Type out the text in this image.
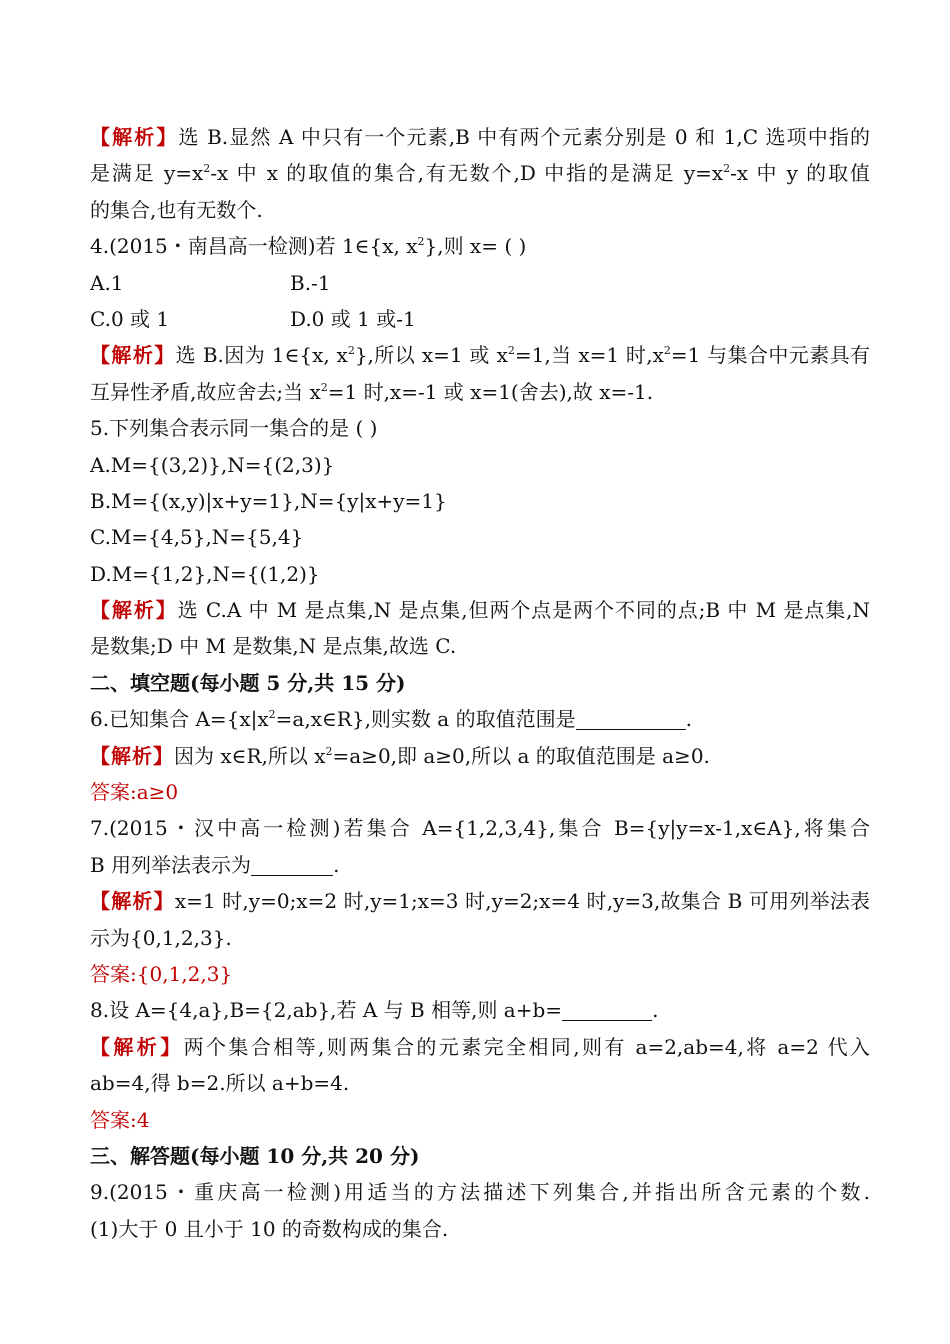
【解析】选 B.显然 A 中只有一个元素,B 中有两个元素分别是 0 和 1,C 选项中指的
是满足 $y=x^2-x$ 中 x 的取值的集合,有无数个,D 中指的是满足 $y=x^2-x$ 中 y 的取值
的集合,也有无数个.
4.(2015・南昌高一检测)若 1∈{x, $x^2$},则 x= ( )
A.1	B.-1
C.0 或 1	D.0 或 1 或-1
【解析】选 B.因为 1∈{x, $x^2$},所以 x=1 或 $x^2=1$,当 x=1 时$,x^2=1$ 与集合中元素具有
互异性矛盾,故应舍去;当 $x^2=1$ 时,x=-1 或 x=1(舍去),故 x=-1.
5.下列集合表示同一集合的是 ( )
A.M={(3,2)},N={(2,3)}
B.M={(x,y)|x+y=1},N={y|x+y=1}
C.M={4,5},N={5,4}
D.M={1,2},N={(1,2)}
【解析】选 C.A 中 M 是点集,N 是点集,但两个点是两个不同的点;B 中 M 是点集,N
是数集;D 中 M 是数集,N 是点集,故选 C.
二、填空题(每小题 5 分,共 15 分)
6.已知集合 $A=\{x|x^2=a,x\in R\}$,则实数 a 的取值范围是	.
【解析】因为 x∈R,所以 $x^2=a\ge 0$,即 a≥0,所以 a 的取值范围是 a≥0.
答案:a≥0
7.(2015・汉中高一检测)若集合 A={1,2,3,4},集合 B={y|y=x-1,x∈A},将集合
B 用列举法表示为	.
【解析】x=1 时,y=0;x=2 时,y=1;x=3 时,y=2;x=4 时,y=3,故集合 B 可用列举法表
示为{0,1,2,3}.
答案:{0,1,2,3}
8.设 A={4,a},B={2,ab},若 A 与 B 相等,则 a+b=	.
【解析】两个集合相等,则两集合的元素完全相同,则有 a=2,ab=4,将 a=2 代入
ab=4,得 b=2.所以 a+b=4.
答案:4
三、解答题(每小题 10 分,共 20 分)
9.(2015・重庆高一检测)用适当的方法描述下列集合,并指出所含元素的个数.
(1)大于 0 且小于 10 的奇数构成的集合.
